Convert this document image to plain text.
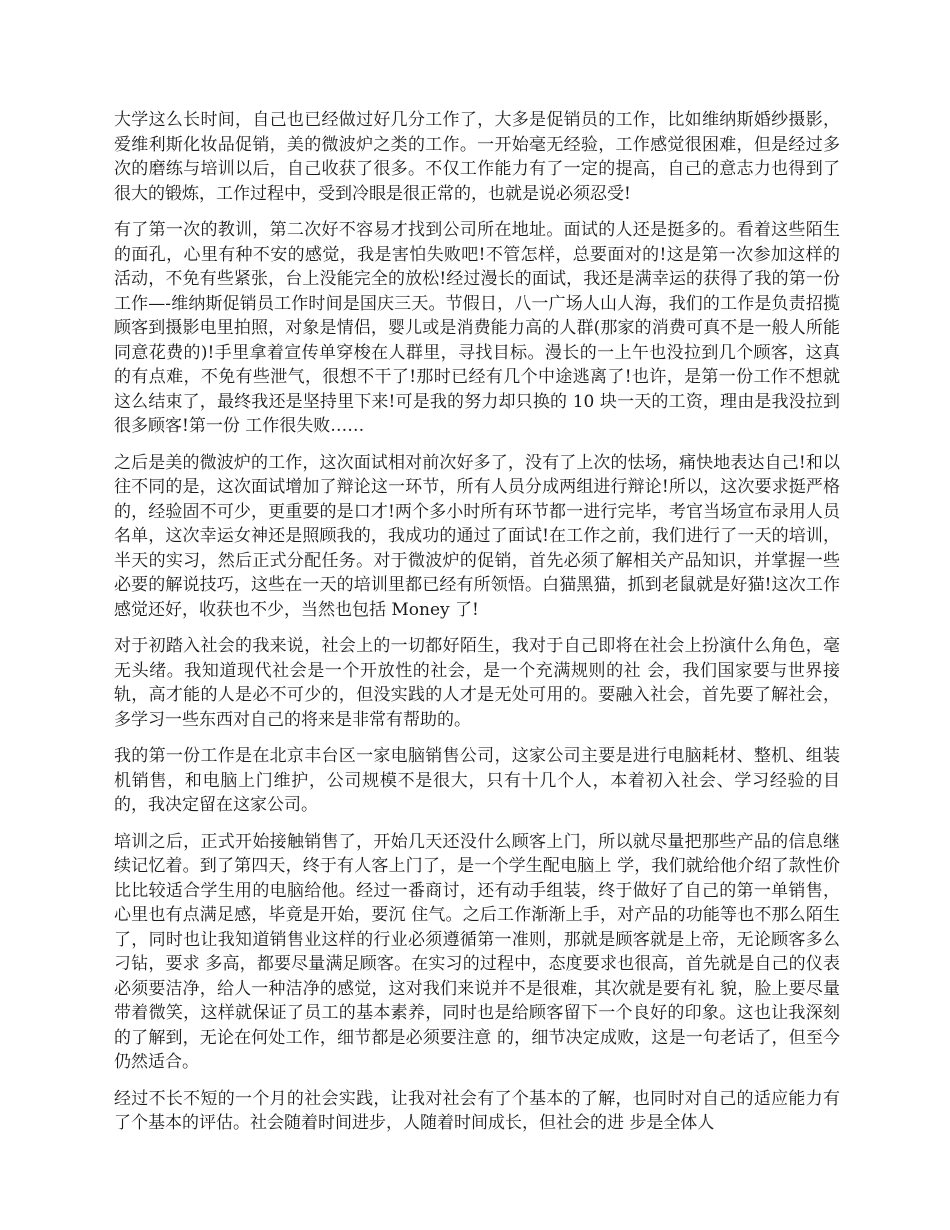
大学这么长时间，自己也已经做过好几分工作了，大多是促销员的工作，比如维纳斯婚纱摄影，爱维利斯化妆品促销，美的微波炉之类的工作。一开始毫无经验，工作感觉很困难，但是经过多次的磨练与培训以后，自己收获了很多。不仅工作能力有了一定的提高，自己的意志力也得到了很大的锻炼，工作过程中，受到冷眼是很正常的，也就是说必须忍受!

有了第一次的教训，第二次好不容易才找到公司所在地址。面试的人还是挺多的。看着这些陌生的面孔，心里有种不安的感觉，我是害怕失败吧!不管怎样，总要面对的!这是第一次参加这样的活动，不免有些紧张，台上没能完全的放松!经过漫长的面试，我还是满幸运的获得了我的第一份工作—-维纳斯促销员工作时间是国庆三天。节假日，八一广场人山人海，我们的工作是负责招揽顾客到摄影电里拍照，对象是情侣，婴儿或是消费能力高的人群(那家的消费可真不是一般人所能同意花费的)!手里拿着宣传单穿梭在人群里，寻找目标。漫长的一上午也没拉到几个顾客，这真的有点难，不免有些泄气，很想不干了!那时已经有几个中途逃离了!也许，是第一份工作不想就这么结束了，最终我还是坚持里下来!可是我的努力却只换的 10 块一天的工资，理由是我没拉到很多顾客!第一份 工作很失败……

之后是美的微波炉的工作，这次面试相对前次好多了，没有了上次的怯场，痛快地表达自己!和以往不同的是，这次面试增加了辩论这一环节，所有人员分成两组进行辩论!所以，这次要求挺严格的，经验固不可少，更重要的是口才!两个多小时所有环节都一进行完毕，考官当场宣布录用人员名单，这次幸运女神还是照顾我的，我成功的通过了面试!在工作之前，我们进行了一天的培训，半天的实习，然后正式分配任务。对于微波炉的促销，首先必须了解相关产品知识，并掌握一些必要的解说技巧，这些在一天的培训里都已经有所领悟。白猫黑猫，抓到老鼠就是好猫!这次工作感觉还好，收获也不少，当然也包括 Money 了!

对于初踏入社会的我来说，社会上的一切都好陌生，我对于自己即将在社会上扮演什么角色，毫无头绪。我知道现代社会是一个开放性的社会，是一个充满规则的社 会，我们国家要与世界接轨，高才能的人是必不可少的，但没实践的人才是无处可用的。要融入社会，首先要了解社会，多学习一些东西对自己的将来是非常有帮助的。

我的第一份工作是在北京丰台区一家电脑销售公司，这家公司主要是进行电脑耗材、整机、组装机销售，和电脑上门维护，公司规模不是很大，只有十几个人，本着初入社会、学习经验的目的，我决定留在这家公司。

培训之后，正式开始接触销售了，开始几天还没什么顾客上门，所以就尽量把那些产品的信息继续记忆着。到了第四天，终于有人客上门了，是一个学生配电脑上 学，我们就给他介绍了款性价比比较适合学生用的电脑给他。经过一番商讨，还有动手组装，终于做好了自己的第一单销售，心里也有点满足感，毕竟是开始，要沉 住气。之后工作渐渐上手，对产品的功能等也不那么陌生了，同时也让我知道销售业这样的行业必须遵循第一准则，那就是顾客就是上帝，无论顾客多么刁钻，要求 多高，都要尽量满足顾客。在实习的过程中，态度要求也很高，首先就是自己的仪表必须要洁净，给人一种洁净的感觉，这对我们来说并不是很难，其次就是要有礼 貌，脸上要尽量带着微笑，这样就保证了员工的基本素养，同时也是给顾客留下一个良好的印象。这也让我深刻的了解到，无论在何处工作，细节都是必须要注意 的，细节决定成败，这是一句老话了，但至今仍然适合。

经过不长不短的一个月的社会实践，让我对社会有了个基本的了解，也同时对自己的适应能力有了个基本的评估。社会随着时间进步，人随着时间成长，但社会的进 步是全体人
